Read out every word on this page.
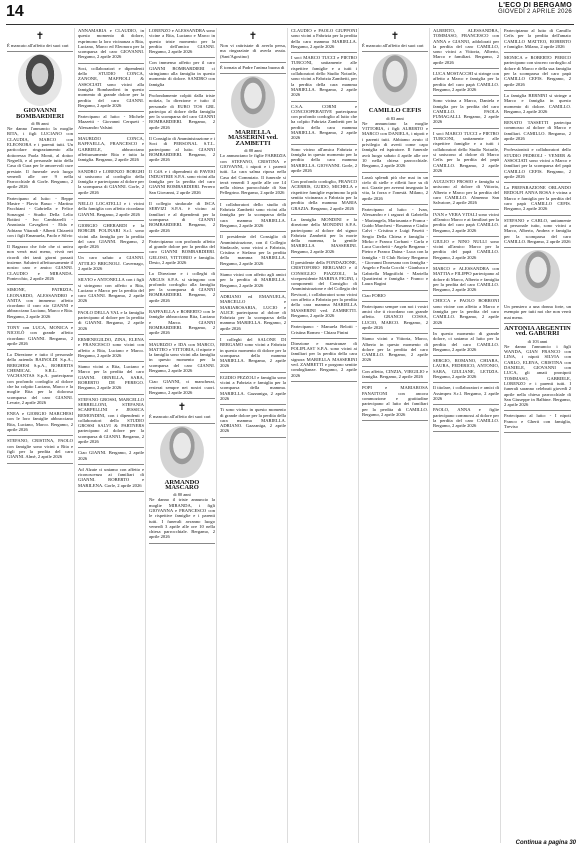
14	L'ECO DI BERGAMO
GIOVEDÌ 2 APRILE 2026
✝

È mancato all'affetto dei suoi cari

GIOVANNI BOMBARDIERI
di 86 anni

Ne danno l'annuncio la moglie RITA, i figli LUCIANO con CLAUDIA, MARCO con ELEONORA e i parenti tutti. Un particolare ringraziamento alla dottoressa Paola Monti, al dottor Negrelli, e al personale tutto della Casa di Cura per le amorevoli cure prestate. Il funerale avrà luogo venerdì alle ore 9 nella Parrocchiale di Gorle. Bergamo, 2 aprile 2026

Partecipano al lutto: - Beppe Mastre - Flavio Basso - Martino Pacchiani - Gabriella e Felice Sonzogni - Studio Della Lelio Bottini - Ivo Cambiarelli - Anastasia Cavaglieri - Elda e Adriano Vitaradi - Alberti Chiaretti con i figli Emanuela, Paolo e Silvio

Il Ragazzo che fole che ci univa non verrà mai meno, vivrà nei ricordi dei tanti giorni passati insieme. Saluteró affettuosamente il nostro caro e amico GIANNI. CLAUDIO e MIRANDA. Pontecchio, 2 aprile 2026

SIMONE, PATRIZIA, LEONARDO, ALESSANDRO e ANITA con immenso affetto ricordano il caro zio GIANNI e abbracciano Luciano, Marco e Rita. Bergamo, 2 aprile 2026

TONY con LUCA, MONICA e NICOLÒ con grande affetto ricordano GIANNI. Bergamo, 2 aprile 2026

La Direzione e tutto il personale della azienda BAINOLDI S.p.A., BERGHESI S.p.A., ROBERTIS CHEMICAL S.R.L. e VACHANTAS S.p.A. partecipano con profondo cordoglio al dolore che ha colpito Luciano, Marco e la moglie Rita per la dolorosa scomparsa del caro GIANNI. Levate, 2 aprile 2026

ENEA e GIORGIO MARCHESI con le loro famiglie abbracciano Rita, Luciano, Marco. Bergamo, 2 aprile 2026

STEFANO, CRISTINA, PAOLO con famiglie sono vicini a Rita e figli per la perdita del caro GIANNI. Almè, 2 aprile 2026

ANNAMARIA e CLAUDIO, in questo momento di dolore, esprimono la loro vicinanza a Rita, Luciano, Marco ed Eleonora per la scomparsa del caro GIOVANNI. Bergamo, 2 aprile 2026

Soci, collaboratori e dipendenti dello STUDIO CONCA, ZANONE, MAFFIOLI & ASSOCIATI sono vicini alla famiglia Bombardieri in questo momento di grande dolore per la perdita del caro GIANNI. Bergamo, 2 aprile 2026

Partecipano al lutto: - Michele Mazzetti - Giovanni Cerqueti - Alessandro Valsini

MAURIZIO CONCA, RAFFAELLA, FRANCESCO e GABRIELE, abbracciano affettuosamente Rita e tutta la famiglia. Bergamo, 2 aprile 2026

SANDRO e LORENZO BORGHI si uniscono al cordoglio della famiglia e partecipano al dolore per la scomparsa di GIANNI. Gorle, 2 aprile 2026

NELLO LOCATELLI e i vicini della famiglia con affetto ricordano GIANNI. Bergamo, 2 aprile 2026

GIORGIO GHERARDI e la BORGIR POLINARI S.r.l. sono vicini alla famiglia per la perdita del caro GIANNI. Bergamo, 2 aprile 2026

Un caro saluto a GIANNI. ATTILIO BRIGNOLI. Cavernago, 2 aprile 2026

SILVIO e ANTONELLA con i figli si stringono con affetto a Rita, Luciano e Marco per la perdita del caro GIANNI. Bergamo, 2 aprile 2026

PAOLO DELLA VAL e la famiglia partecipano al dolore per la perdita di GIANNI. Bergamo, 2 aprile 2026

ERMENEGILDO, ZINA, ELENA e FRANCESCO sono vicini con affetto a Rita, Luciano e Marco. Bergamo, 2 aprile 2026

Siamo vicini a Rita, Luciano e Marco per la perdita del caro GIANNI. ORNELLA, SARA, ROBERTO DE PEREGO. Bergamo, 2 aprile 2026

STEFANO GROSSI, MARCELLO SERBELLONI, STEFANIA SCARPELLINI e JESSICA REMONDINI, con i dipendenti e collaboratori dello STUDIO GROSSI SALVI & PARTNERS partecipano al dolore per la scomparsa di GIANNI. Bergamo, 2 aprile 2026

Ciao GIANNI. Bergamo, 2 aprile 2026

Ad Alzate ci uniamo con affetto e riconoscenza ai familiari di GIANNI. ROBERTO e MARILENA. Gorle, 2 aprile 2026

LORENZO e ALESSANDRA sono vicine a Rita, Luciano e Marco in questo triste momento per la perdita dell'amico GIANNI. Bergamo, 2 aprile 2026

Con immenso affetto per il caro GIANNI BOMBARDIERI ci stringiamo alla famiglia in questo momento di dolore. SANDRO con famiglia

Profondamente colpiti dalla triste notizia, la direzione e tutto il personale di EURO TOS GRL partecipa al dolore della famiglia per la scomparsa del caro GIANNI BOMBARDIERI. Bergamo, 2 aprile 2026

Il Consiglio di Amministrazione e i Soci di PERSONAL S.T.L. partecipano al lutto. GIANNI BOMBARDIERI. Bergamo, 2 aprile 2026

Il CdA e i dipendenti di PAVESI INDUSTRIE S.P.A. sono vicini alla famiglia per la perdita del caro GIANNI BOMBARDIERI. Ferrero San Giovanni, 2 aprile 2026

Il collegio sindacale di ISCA SERVIZI S.P.A. è vicino ai familiari e al dipendenti per la scomparsa di GIANNI BOMBARDIERI. Bergamo, 2 aprile 2026

Partecipiamo con profondo affetto al grande dolore per la perdita del caro GIANNI BOMBARDIERI. GELOSO, VITTORIO e famiglia. Desio, 2 aprile 2026

La Direzione e i colleghi di ARGUS S.P.A. si stringono con profondo cordoglio alla famiglia per la scomparsa di GIANNI BOMBARDIERI. Bergamo, 2 aprile 2026

RAFFAELLA e ROBERTO con le famiglie abbracciano Rita, Luciano e Marco. GIANNI BOMBARDIERI. Bergamo, 2 aprile 2026

MAURIZIO e IDA con MARCO, MATTEO e VITTORIA, il nipote e la famiglia sono vicini alla famiglia in questo momento per la scomparsa del caro GIANNI. Bergamo, 2 aprile 2026

Ciao GIANNI, ci mancherai, resterai sempre nei nostri cuori. Bergamo, 2 aprile 2026

✝

È mancato all'affetto dei suoi cari

ARMANDO MASCARO
di 80 anni

Ne danno il triste annuncio la moglie MIRANDA, i figli GIOVANNA e FRANCESCO con le rispettive famiglie e i parenti tutti. I funerali avranno luogo venerdì 3 aprile alle ore 10 nella chiesa parrocchiale. Bergamo, 2 aprile 2026

✝

Non vi rattristate di averla persa, ma ringraziate di averla avuta. (Sant'Agostino)

È tornata al Padre l'anima buona di

MARIELLA MASSERINI ved. ZAMBETTI
di 88 anni

Lo annunciano le figlie FABRIZIA con STEFANO, CRISTINA e GIOVANNI, i nipoti e i parenti tutti. La cara salma riposa nella Casa del Commiato. Il funerale si terrà venerdì 3 aprile alle ore 14 nella chiesa parrocchiale di San Pellegrino. Bergamo, 2 aprile 2026

I collaboratori dello studio di Fabrizia Zambetti sono vicini alla famiglia per la scomparsa della cara mamma MARIELLA. Bergamo, 2 aprile 2026

Il presidente del Consiglio di Amministrazione, con il Collegio Sindacale, sono vicini a Fabrizia, Cristina e Stefano per la perdita della mamma MARIELLA. Bergamo, 2 aprile 2026

Siamo vicini con affetto agli amici per la perdita di MARIELLA. Bergamo, 2 aprile 2026

ADRIANO ed EMANUELA, MARCELLO e MARIAROSARIA, LUCIO e ALICE partecipano al dolore di Fabrizia per la scomparsa della mamma MARIELLA. Bergamo, 2 aprile 2026

I colleghi del SALONE DI BERGAMO sono vicini a Fabrizia in questo momento di dolore per la scomparsa della mamma MARIELLA. Bergamo, 2 aprile 2026

EGIDIO PEZZOLI e famiglia sono vicini a Fabrizia e famiglia per la scomparsa della mamma. MARIELLA. Gazzaniga, 2 aprile 2026

Ti sono vicino in questo momento di grande dolore per la perdita della cara mamma MARIELLA. ADRIANO. Gazzaniga, 2 aprile 2026

CLAUDIO e PAOLO GIUPPONI sono vicini a Fabrizia per la perdita della cara mamma MARIELLA. Bergamo, 2 aprile 2026

I soci MARCO TUCCI e PIETRO TURCONI, unitamente alle rispettive famiglie e a tutti i collaboratori dello Studio Notarile, sono vicini a Fabrizia Zambetti, per la perdita della cara mamma MARIELLA. Bergamo, 2 aprile 2026

C.S.A. CORNI e CONCOOPERATIVE partecipano con profondo cordoglio al lutto che ha colpito Fabrizia Zambetti per la perdita della cara mamma MARIELLA. Bergamo, 2 aprile 2026

Sono vicino all'amica Fabrizia e famiglia in questo momento per la perdita della cara mamma MARIELLA. GIOVANNI. Gorle, 2 aprile 2026

Con profondo cordoglio, FRANCO ACERBIS, GUIDO, MICHELA e rispettive famiglie esprimono la più sentita vicinanza a Fabrizia per la perdita della mamma MARIA GRAZIA. Bergamo, 2 aprile 2026

La famiglia MONDINI e la direzione della MONDINI S.P.A. partecipano al dolore del signor Fabrizia Zambetti per la morte della mamma, la gentile MARIELLA MASSERINI. Bergamo, 2 aprile 2026

Il presidente della FONDAZIONE, CRISTOFORO BERGAMO e il CONSIGLIO PIAZZOLI, la vicepresidente MARINA FIGINI, i componenti del Consiglio di Amministrazione e del Collegio dei Revisori, i collaboratori sono vicini con affetto a Fabrizia per la perdita della cara mamma MARIELLA MASSERINI ved. ZAMBETTI. Bergamo, 2 aprile 2026

Partecipano: - Manuela Belotti - Cristina Romeo - Chiara Finini

Direzione e maestranze di POLIPLAST S.P.A. sono vicini ai familiari per la perdita della cara signora MARIELLA MASSERINI ved. ZAMBETTI e porgono sentite condoglianze. Bergamo, 2 aprile 2026

✝

È mancato all'affetto dei suoi cari

CAMILLO CEFIS
di 83 anni

Ne annunciano la moglie VITTORIA, i figli ALBERTO e MARCO con DANIELA, i nipoti e i parenti tutti. Abbiamo avuto il privilegio di averti come capo famiglia ed ispiratore. Il funerale avrà luogo sabato 4 aprile alle ore 10 nella chiesa parrocchiale. Bergamo, 2 aprile 2026

Lassù splendi più che mai in un cielo di stelle e rifletti luce su di noi. Grazie per avermi insegnato la vita, la forza e l'onestà. Milano, 2 aprile 2026

Partecipano al lutto: - Ivan, Alessandro e i ragazzi di Gabriella - Mariangela, Mariasanta e Franca - Guido Marchesi - Rosanna e Giulio Calvi - Cristina e Luigi Pasetti - Sergio Della Chiesa e famiglia - Mirko e Franca Corbani - Carla e Luca Cucchetti - Angelo Bergamo - Pietro e Franco Daina - Luca con la famiglia - Il Club Rotary Bergamo - Giovanni Donesana con famiglia - Angelo e Paola Cocchi - Gianluca e Gabriella Magnifichi - Mariella Quartierini e famiglia - Franco e Laura Bagini

Ciao FORIO

Partecipano sempre con noi i vostri amici che ti ricordano con grande affetto. GRANCO COSSA, LUCIO, MARCO. Bergamo, 2 aprile 2026

Siamo vicini a Vittoria, Marco, Alberto in questo momento di dolore per la perdita del caro CAMILLO. Bergamo, 2 aprile 2026

Con affetto, CINZIA, VIRGILIO e famiglia. Bergamo, 2 aprile 2026

POPI e MARIAROSA PANATTONI con ancora commozione e gratitudine partecipano al lutto dei familiari per la perdita di CAMILLO. Bergamo, 2 aprile 2026

ALBERTO, ALESSANDRA, TOMMASO, FRANCESCO con ANNA e GIANNI, addolorati per la perdita del caro CAMILLO, sono vicini a Vittoria, Alberto, Marco e familiari. Bergamo, 2 aprile 2026

LUCA MOSTACCHI si stringe con affetto a Marco e famiglia per la perdita del caro papà CAMILLO. Bergamo, 2 aprile 2026

Sono vicina a Marco, Daniela e famiglia per la perdita del caro CAMILLO. PAOLA FUMAGALLI. Bergamo, 2 aprile 2026

I soci MARCO TUCCI e PIETRO TURCONI, unitamente alle rispettive famiglie e a tutti i collaboratori dello Studio Notarile, si uniscono al dolore di Marco Cefis per la perdita del papà CAMILLO. Bergamo, 2 aprile 2026

AUGUSTO FROSIO e famiglia si uniscono al dolore di Vittoria, Alberto e Marco per la perdita del caro CAMILLO. Almenno San Salvatore, 2 aprile 2026

IVAN e VERA VITALI sono vicini all'amico Marco e ai familiari per la perdita del caro papà CAMILLO. Bergamo, 2 aprile 2026

GIULIO e NINO NULLI sono vicini all'amico Marco per la perdita del papà CAMILLO. Bergamo, 2 aprile 2026

MARCO e ALESSANDRA con MATTIA e FILIPPO partecipano al dolore di Marco, Alberto e famiglia per la perdita del caro CAMILLO. Bergamo, 2 aprile 2026

CHICCA e PAOLO BORRONI sono vicine con affetto a Marco e famiglia per la perdita del caro CAMILLO. Bergamo, 2 aprile 2026

In questo momento di grande dolore, ci uniamo al lutto per la perdita del caro CAMILLO. Bergamo, 2 aprile 2026

SERGIO, ROMANO, CHIARA, LAURA, FEDERICO, ANTONIO, SARA, GIULIANE, LETIZIA. Bergamo, 2 aprile 2026

Il titolare, i collaboratori e amici di Assimpex S.r.l. Bergamo, 2 aprile 2026

PAOLO, ANNA e figlie partecipano commossi al dolore per la perdita del caro CAMILLO. Bergamo, 2 aprile 2026

Partecipiamo al lutto di Camillo Cefis per la perdita dell'amato CAMILLO MATTEO, ROBERTO e famiglie. Milano, 2 aprile 2026

MONICA e ROBERTO PERICO partecipano con sincero cordoglio al dolore di Marco e della sua famiglia per la scomparsa del caro papà CAMILLO CEFIS. Bergamo, 2 aprile 2026

La famiglia BERNINI si stringe a Marco e famiglia in questo momento di dolore. CAMILLO. Bergamo, 2 aprile 2026

RENATO TASSETTI partecipa commosso al dolore di Marco e familiari. CAMILLO. Bergamo, 2 aprile 2026

Professionisti e collaboratori dello STUDIO PEDROLI - VENIER & ASSOCIATI sono vicini a Marco e familiari per la scomparsa del papà CAMILLO CEFIS. Bergamo, 2 aprile 2026

La PREPARAZIONE ORLANDO REDOLFI ANNA ROSA è vicina a Marco e famiglia per la perdita del caro papà CAMILLO CEFIS. Bergamo, 2 aprile 2026

STEFANO e CARLO, unitamente ai personale tutto, sono vicini a Marco, Alberto, Andrea e famiglia per la scomparsa del caro CAMILLO. Bergamo, 2 aprile 2026

Un pensiero a una donna forte, un esempio per tutti noi che non verrà mai meno.

ANTONIA ARGENTIN ved. GABURRI
di 103 anni

Ne danno l'annuncio i figli WANDA, GIAN FRANCO con LINA, i nipoti SILVIA con CARLO, ELENA, CRISTINA con DANIELE, GIOVANNI con LUCA, gli amati pronipoti TOMMASO, GABRIELE, LORENZO e i parenti tutti. I funerali saranno celebrati giovedì 2 aprile nella chiesa parrocchiale di San Giuseppe in Balbine. Bergamo, 2 aprile 2026

Partecipano al lutto: - I nipoti Franco e Gherti con famiglia, Treviso

Continua a pagina 30
